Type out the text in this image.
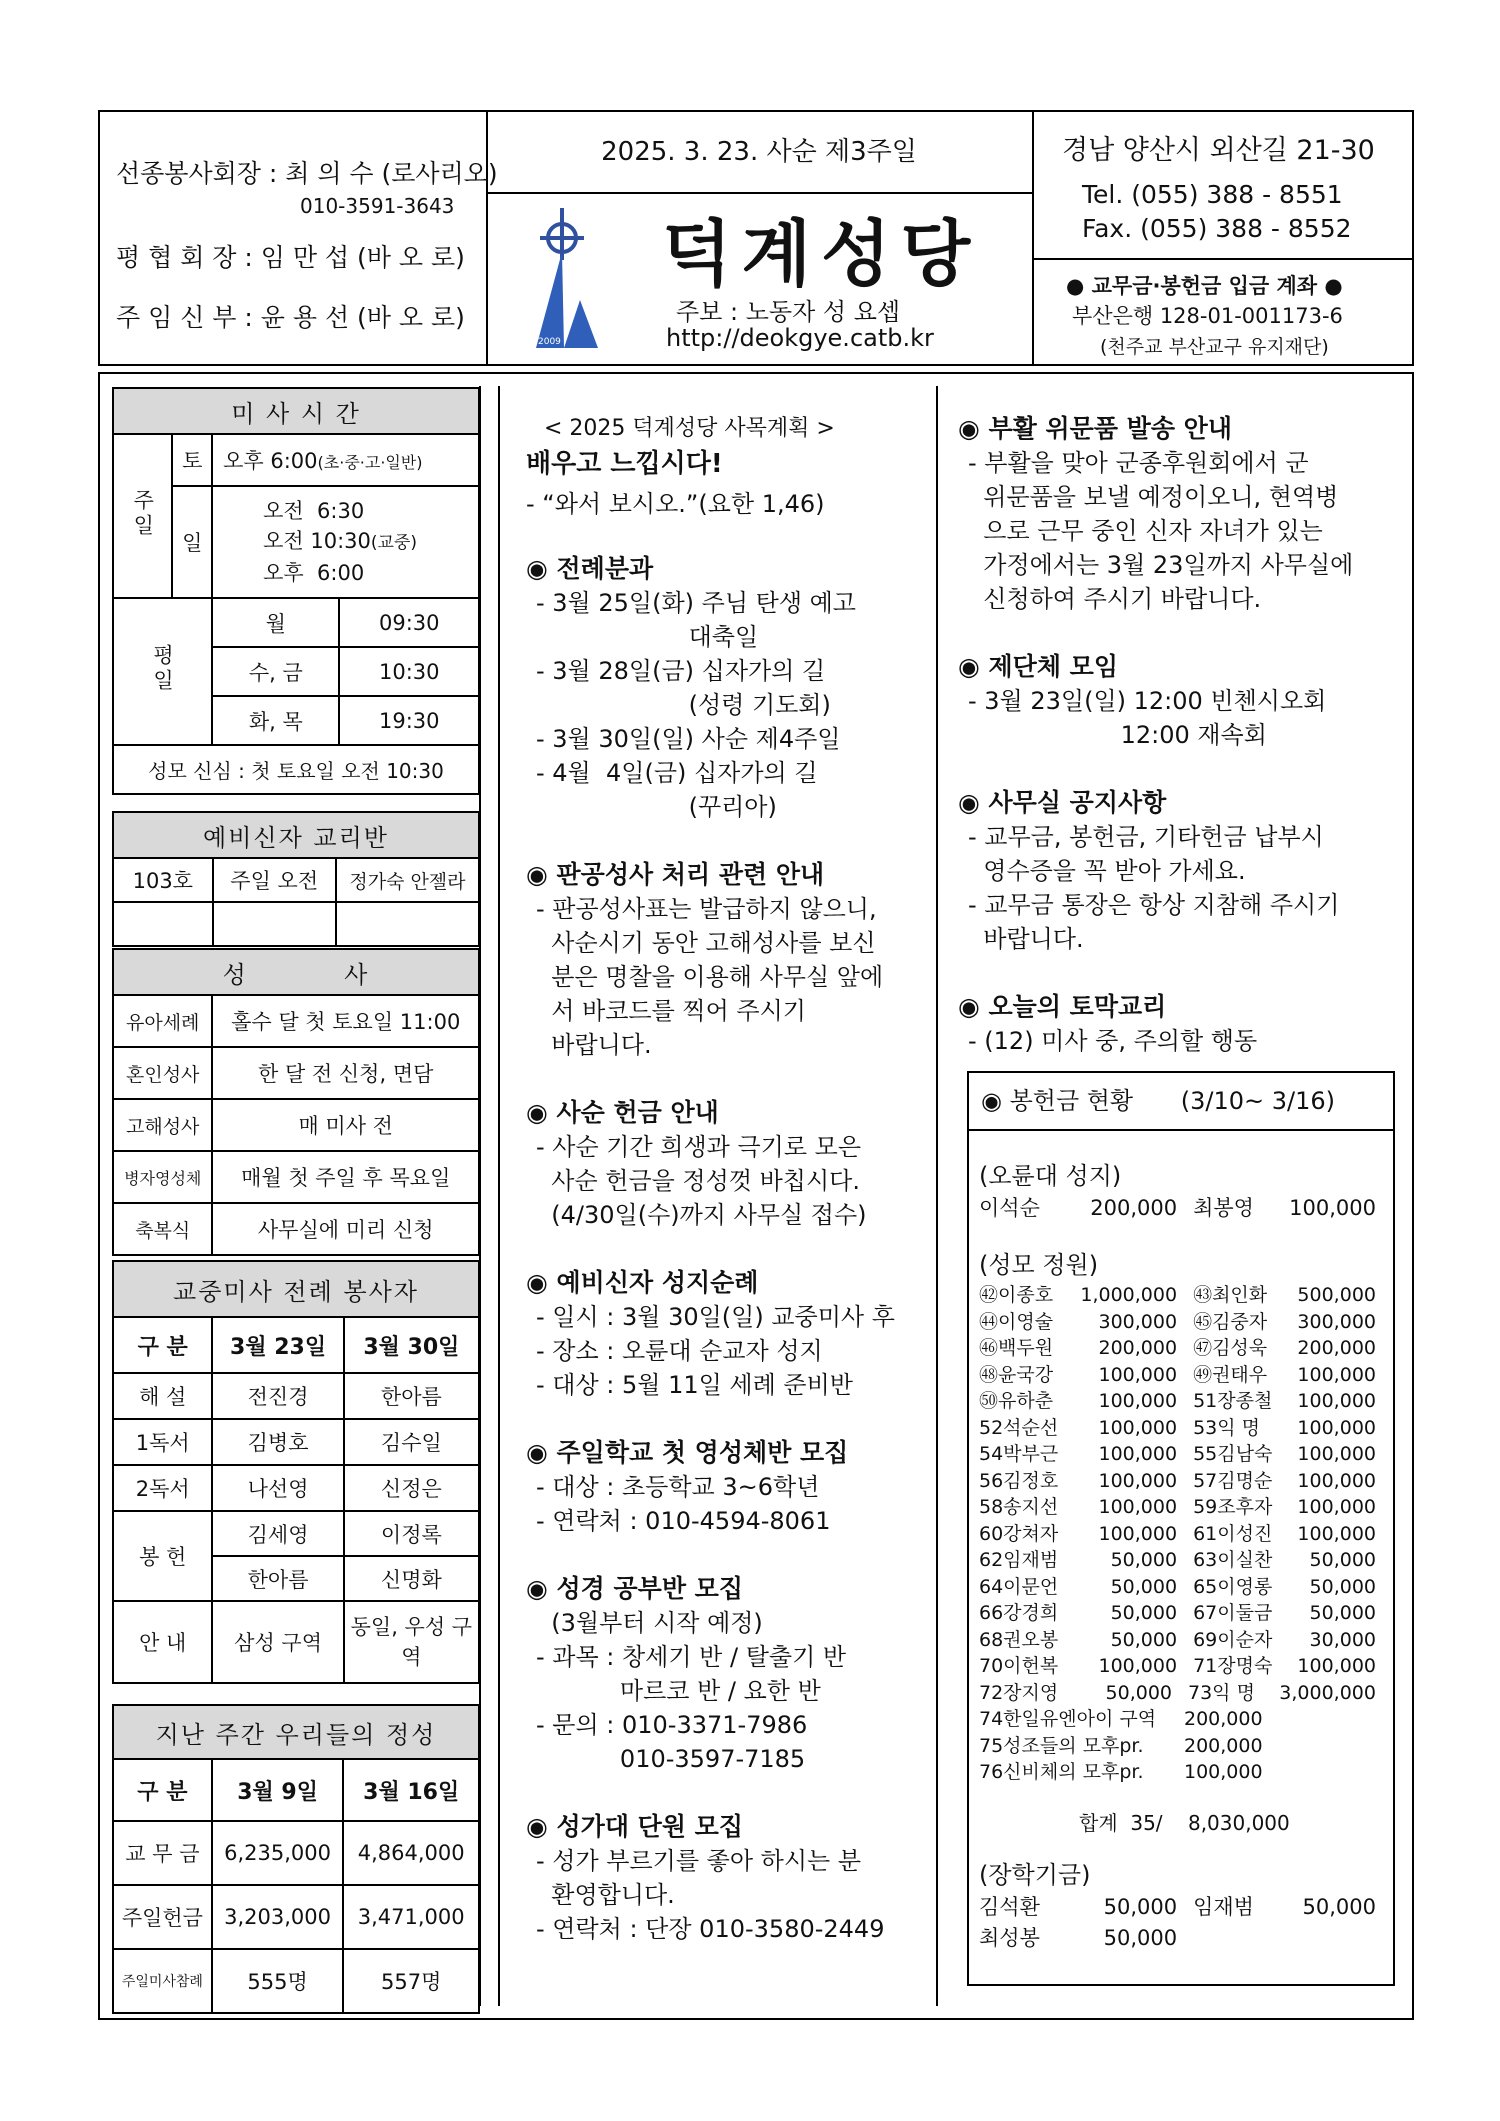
선종봉사회장 : 최 의 수 (로사리오)
010-3591-3643
평 협 회 장 : 임 만 섭 (바 오 로)
주 임 신 부 : 윤 용 선 (바 오 로)
2025. 3. 23. 사순 제3주일
2009
덕계성당
주보 : 노동자 성 요셉
http://deokgye.catb.kr
경남 양산시 외산길 21-30
Tel. (055) 388 - 8551
Fax. (055) 388 - 8552
● 교무금·봉헌금 입금 계좌 ●
부산은행 128-01-001173-6
(천주교 부산교구 유지재단)
미 사 시 간			
주일	토	오후 6:00(초·중·고·일반)	
	일	오전  6:30
오전 10:30(교중)
오후  6:00	

평일		월	09:30
		수, 금	10:30
		화, 목	19:30
성모 신심 : 첫 토요일 오전 10:30			
예비신자 교리반		
103호	주일 오전	정가숙 안젤라

성          사	
유아세례	홀수 달 첫 토요일 11:00
혼인성사	한 달 전 신청, 면담
고해성사	매 미사 전
병자영성체	매월 첫 주일 후 목요일
축복식	사무실에 미리 신청
교중미사 전례 봉사자		
구 분	3월 23일	3월 30일
해 설	전진경	한아름
1독서	김병호	김수일
2독서	나선영	신정은
봉 헌	김세영	이정록
	한아름	신명화
안 내	삼성 구역	동일, 우성 구역
지난 주간 우리들의 정성		
구 분	3월 9일	3월 16일
교 무 금	6,235,000	4,864,000
주일헌금	3,203,000	3,471,000
주일미사참례	555명	557명
< 2025 덕계성당 사목계획 >
배우고 느낍시다!
- “와서 보시오.”(요한 1,46)
◉ 전례분과
- 3월 25일(화) 주님 탄생 예고
대축일
- 3월 28일(금) 십자가의 길
(성령 기도회)
- 3월 30일(일) 사순 제4주일
- 4월  4일(금) 십자가의 길
(꾸리아)
◉ 판공성사 처리 관련 안내
- 판공성사표는 발급하지 않으니,
사순시기 동안 고해성사를 보신
분은 명찰을 이용해 사무실 앞에
서 바코드를 찍어 주시기
바랍니다.
◉ 사순 헌금 안내
- 사순 기간 희생과 극기로 모은
사순 헌금을 정성껏 바칩시다.
(4/30일(수)까지 사무실 접수)
◉ 예비신자 성지순례
- 일시 : 3월 30일(일) 교중미사 후
- 장소 : 오륜대 순교자 성지
- 대상 : 5월 11일 세례 준비반
◉ 주일학교 첫 영성체반 모집
- 대상 : 초등학교 3~6학년
- 연락처 : 010-4594-8061
◉ 성경 공부반 모집
(3월부터 시작 예정)
- 과목 : 창세기 반 / 탈출기 반
마르코 반 / 요한 반
- 문의 : 010-3371-7986
010-3597-7185
◉ 성가대 단원 모집
- 성가 부르기를 좋아 하시는 분
환영합니다.
- 연락처 : 단장 010-3580-2449
◉ 부활 위문품 발송 안내
- 부활을 맞아 군종후원회에서 군
위문품을 보낼 예정이오니, 현역병
으로 근무 중인 신자 자녀가 있는
가정에서는 3월 23일까지 사무실에
신청하여 주시기 바랍니다.
◉ 제단체 모임
- 3월 23일(일) 12:00 빈첸시오회
12:00 재속회
◉ 사무실 공지사항
- 교무금, 봉헌금, 기타헌금 납부시
영수증을 꼭 받아 가세요.
- 교무금 통장은 항상 지참해 주시기
바랍니다.
◉ 오늘의 토막교리
- (12) 미사 중, 주의할 행동
◉ 봉헌금 현황 (3/10~ 3/16)
(오륜대 성지)
이석순	200,000 최봉영	100,000
(성모 정원)
㊷이종호	1,000,000 ㊸최인화	500,000
㊹이영술	300,000 ㊺김중자	300,000
㊻백두원	200,000 ㊼김성욱	200,000
㊽윤국강	100,000 ㊾권태우	100,000
㊿유하춘	100,000 51장종철	100,000
52석순선	100,000 53익 명	100,000
54박부근	100,000 55김남숙	100,000
56김정호	100,000 57김명순	100,000
58송지선	100,000 59조후자	100,000
60강쳐자	100,000 61이성진	100,000
62임재범	50,000 63이실찬	50,000
64이문언	50,000 65이영롱	50,000
66강경희	50,000 67이둘금	50,000
68권오봉	50,000 69이순자	30,000
70이헌복	100,000 71장명숙	100,000
72장지영	50,000 73익 명	3,000,000
74한일유엔아이 구역	200,000
75성조들의 모후pr.	200,000
76신비체의 모후pr.	100,000
합계  35/    8,030,000
(장학기금)
김석환	50,000 임재범	50,000
최성봉	50,000
